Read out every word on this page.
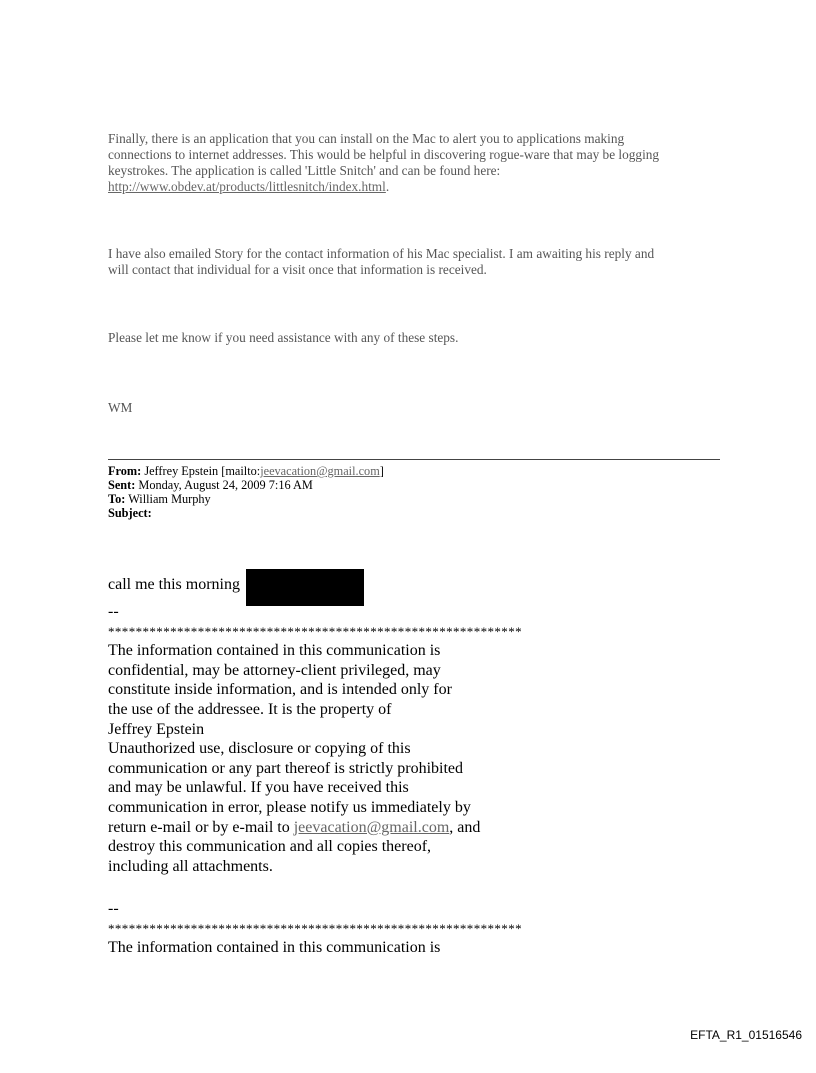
Finally, there is an application that you can install on the Mac to alert you to applications making

connections to internet addresses. This would be helpful in discovering rogue-ware that may be logging

keystrokes. The application is called 'Little Snitch' and can be found here:

http://www.obdev.at/products/littlesnitch/index.html.

I have also emailed Story for the contact information of his Mac specialist. I am awaiting his reply and

will contact that individual for a visit once that information is received.

Please let me know if you need assistance with any of these steps.
WM
From: Jeffrey Epstein [mailto:jeevacation@gmail.com]
Sent: Monday, August 24, 2009 7:16 AM
To: William Murphy
Subject:
call me this morning
--
************************************************************
The information contained in this communication is
confidential, may be attorney-client privileged, may
constitute inside information, and is intended only for
the use of the addressee. It is the property of
Jeffrey Epstein
Unauthorized use, disclosure or copying of this
communication or any part thereof is strictly prohibited
and may be unlawful. If you have received this
communication in error, please notify us immediately by
return e-mail or by e-mail to jeevacation@gmail.com, and
destroy this communication and all copies thereof,
including all attachments.
--
************************************************************
The information contained in this communication is
EFTA_R1_01516546
